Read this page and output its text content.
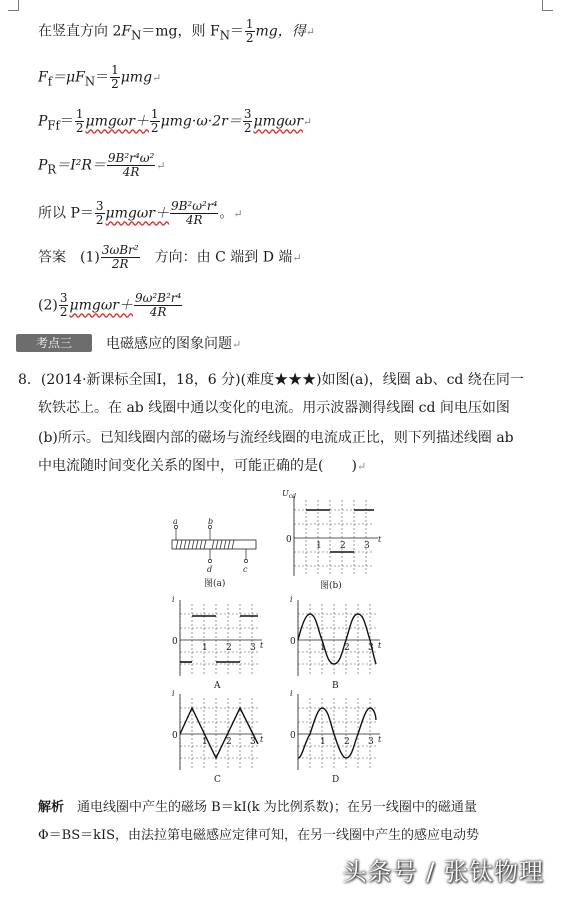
在竖直方向 $2F_N=mg$，则 $F_N= \frac{1}{2}$ mg，得↵
$F_f=\mu F_N= \frac{1}{2}$ μmg↵
$P_{Ff}= \frac{1}{2} \mu mg\omega r+ \frac{1}{2} \mu mg\cdot\omega\cdot 2r= \frac{3}{2}$ μmgωr↵
$P_R=I^2R= \frac{\text{9B²r⁴ω²}}{4R}$ ↵
所以 $P= \frac{3}{2} \mu mg\omega r+ \frac{\text{9B²ω²r⁴}}{4R}$ 。↵
答案　$(1) \frac{\text{3ωBr²}}{2R}$ 　方向：由 C 端到 D 端↵
$(2) \frac{3}{2} \mu mg\omega r+ \frac{\text{9ω²B²r⁴}}{4R}$
考点三	电磁感应的图象问题↵
8．(2014·新课标全国Ⅰ，18，6 分)(难度★★★)如图(a)，线圈 ab、cd 绕在同一
软铁芯上。在 ab 线圈中通以变化的电流。用示波器测得线圈 cd 间电压如图
(b)所示。已知线圈内部的磁场与流经线圈的电流成正比，则下列描述线圈 ab
中电流随时间变化关系的图中，可能正确的是(　　)↵
a	b
d	c
图(a)
$U_{cd}$
0
1 2 3
t
图(b)
i
0
1 2 3 t
A
i
0
1 2 3 t
B
i
0
1 2 3 t
C
i
0
1 2 3 t
D
解析　通电线圈中产生的磁场 B＝kI(k 为比例系数)；在另一线圈中的磁通量
Φ＝BS＝kIS，由法拉第电磁感应定律可知，在另一线圈中产生的感应电动势
头条号 / 张钛物理
